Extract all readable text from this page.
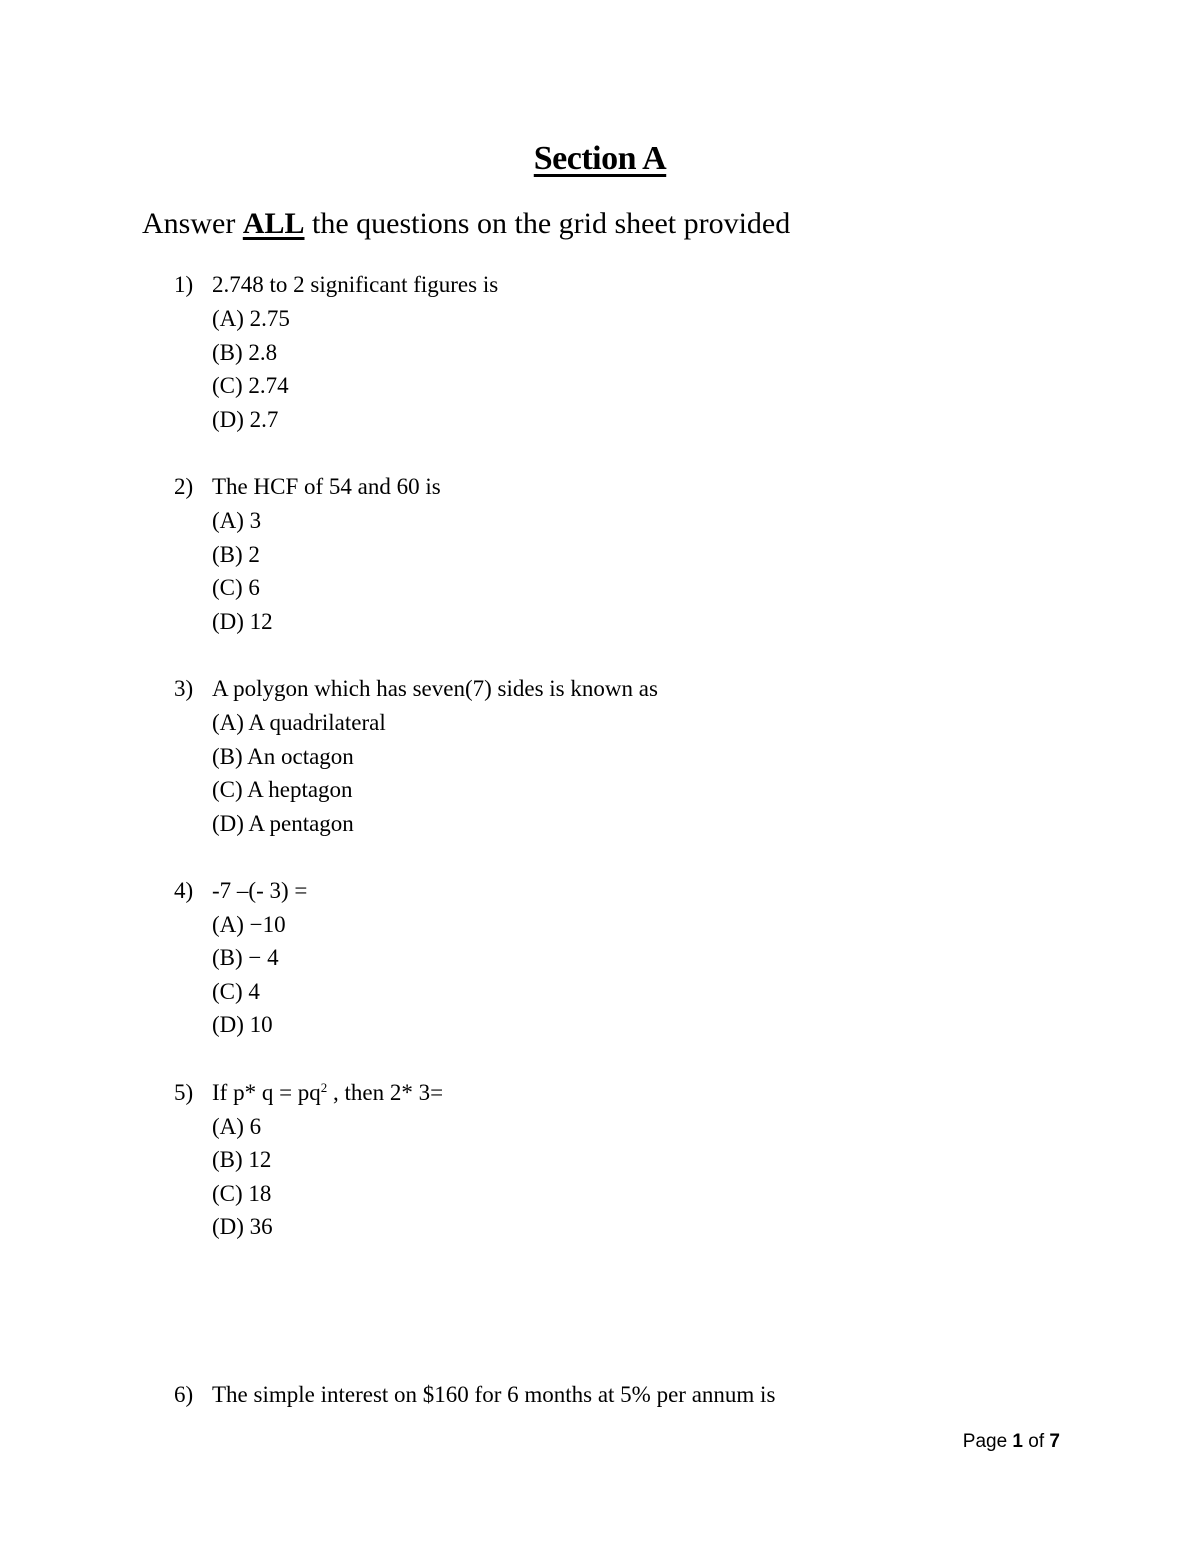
Section A
Answer ALL the questions on the grid sheet provided
1) 2.748 to 2 significant figures is
(A) 2.75
(B) 2.8
(C) 2.74
(D) 2.7
2) The HCF of 54 and 60 is
(A) 3
(B) 2
(C) 6
(D) 12
3) A polygon which has seven(7) sides is known as
(A) A quadrilateral
(B) An octagon
(C) A heptagon
(D) A pentagon
4) -7 –(- 3) =
(A) −10
(B) − 4
(C) 4
(D) 10
5) If p* $q = pq^2$ , then 2* 3=
(A) 6
(B) 12
(C) 18
(D) 36
6) The simple interest on $160 for 6 months at 5% per annum is
Page 1 of 7
